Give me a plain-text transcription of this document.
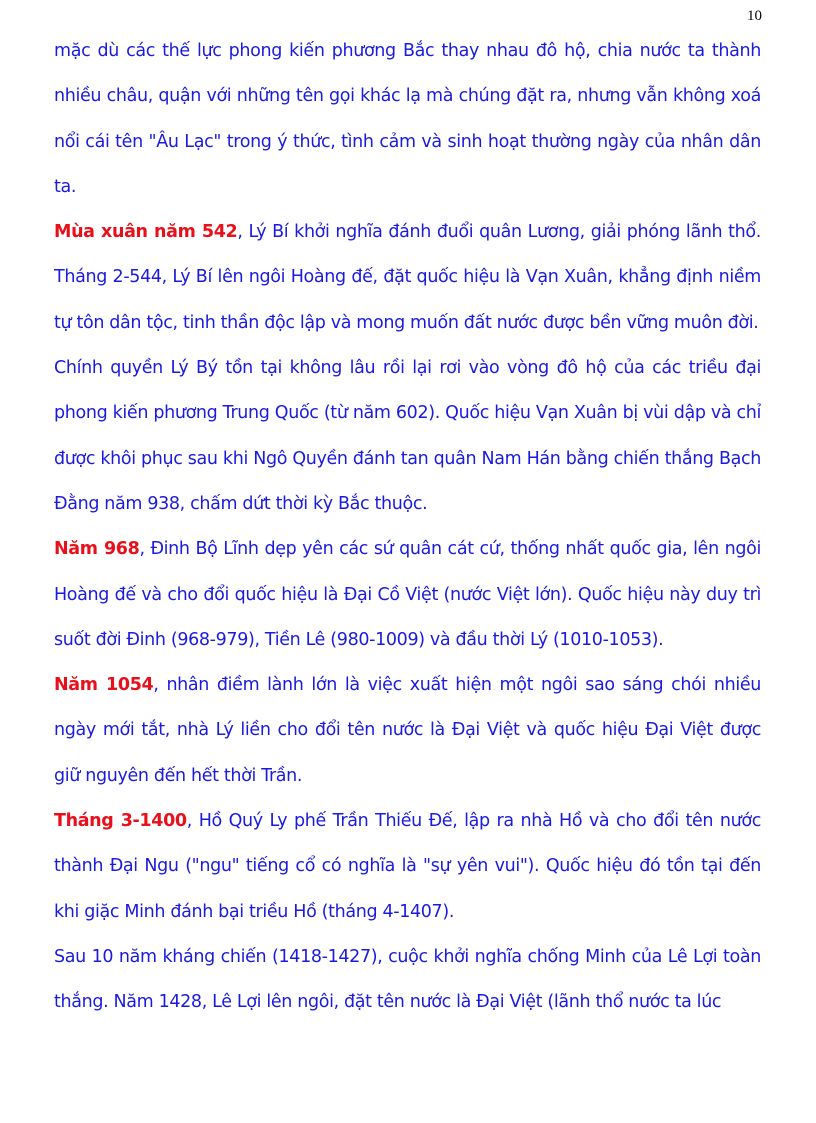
10

mặc dù các thế lực phong kiến phương Bắc thay nhau đô hộ, chia nước ta thành nhiều châu, quận với những tên gọi khác lạ mà chúng đặt ra, nhưng vẫn không xoá nổi cái tên "Âu Lạc" trong ý thức, tình cảm và sinh hoạt thường ngày của nhân dân ta.

Mùa xuân năm 542, Lý Bí khởi nghĩa đánh đuổi quân Lương, giải phóng lãnh thổ. Tháng 2-544, Lý Bí lên ngôi Hoàng đế, đặt quốc hiệu là Vạn Xuân, khẳng định niềm tự tôn dân tộc, tinh thần độc lập và mong muốn đất nước được bền vững muôn đời.

Chính quyền Lý Bý tồn tại không lâu rồi lại rơi vào vòng đô hộ của các triều đại phong kiến phương Trung Quốc (từ năm 602). Quốc hiệu Vạn Xuân bị vùi dập và chỉ được khôi phục sau khi Ngô Quyền đánh tan quân Nam Hán bằng chiến thắng Bạch Đằng năm 938, chấm dứt thời kỳ Bắc thuộc.

Năm 968, Đinh Bộ Lĩnh dẹp yên các sứ quân cát cứ, thống nhất quốc gia, lên ngôi Hoàng đế và cho đổi quốc hiệu là Đại Cồ Việt (nước Việt lớn). Quốc hiệu này duy trì suốt đời Đinh (968-979), Tiền Lê (980-1009) và đầu thời Lý (1010-1053).

Năm 1054, nhân điềm lành lớn là việc xuất hiện một ngôi sao sáng chói nhiều ngày mới tắt, nhà Lý liền cho đổi tên nước là Đại Việt và quốc hiệu Đại Việt được giữ nguyên đến hết thời Trần.

Tháng 3-1400, Hồ Quý Ly phế Trần Thiếu Đế, lập ra nhà Hồ và cho đổi tên nước thành Đại Ngu ("ngu" tiếng cổ có nghĩa là "sự yên vui"). Quốc hiệu đó tồn tại đến khi giặc Minh đánh bại triều Hồ (tháng 4-1407).

Sau 10 năm kháng chiến (1418-1427), cuộc khởi nghĩa chống Minh của Lê Lợi toàn thắng. Năm 1428, Lê Lợi lên ngôi, đặt tên nước là Đại Việt (lãnh thổ nước ta lúc
